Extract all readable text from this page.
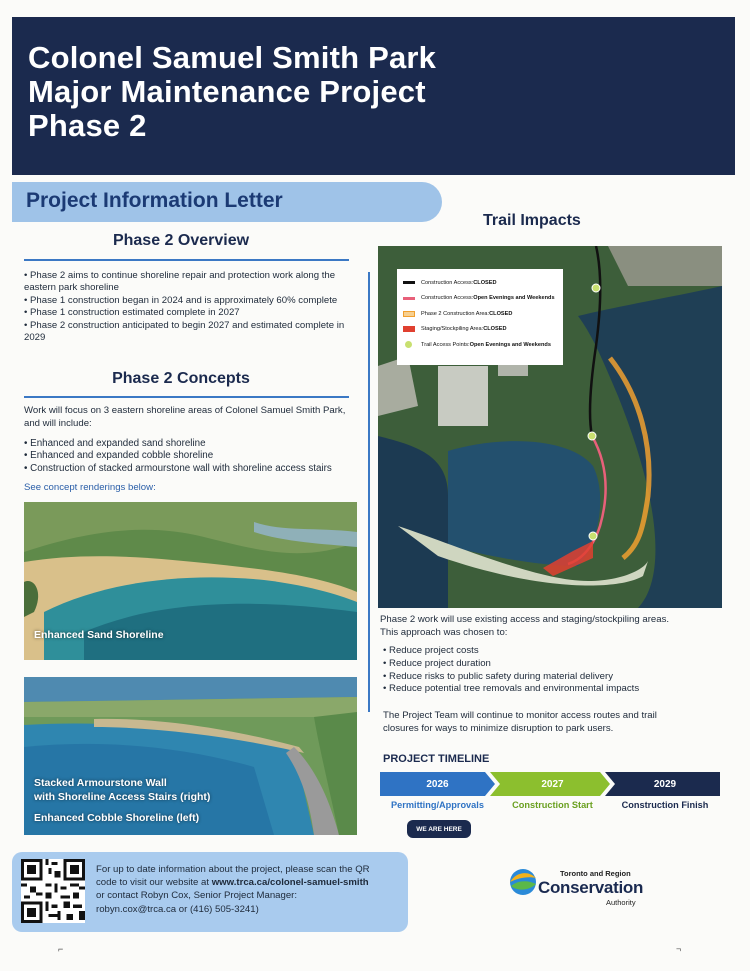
Colonel Samuel Smith Park
Major Maintenance Project
Phase 2
Project Information Letter
Trail Impacts
Phase 2 Overview
• Phase 2 aims to continue shoreline repair and protection work along the eastern park shoreline
• Phase 1 construction began in 2024 and is approximately 60% complete
• Phase 1 construction estimated complete in 2027
• Phase 2 construction anticipated to begin 2027 and estimated complete in 2029
Phase 2 Concepts
Work will focus on 3 eastern shoreline areas of Colonel Samuel Smith Park, and will include:
• Enhanced and expanded sand shoreline
• Enhanced and expanded cobble shoreline
• Construction of stacked armourstone wall with shoreline access stairs
See concept renderings below:
Enhanced Sand Shoreline
Stacked Armourstone Wall
with Shoreline Access Stairs (right)
Enhanced Cobble Shoreline (left)
Construction Access: CLOSED
Construction Access: Open Evenings and Weekends
Phase 2 Construction Area: CLOSED
Staging/Stockpiling Area: CLOSED
Trail Access Points: Open Evenings and Weekends
Phase 2 work will use existing access and staging/stockpiling areas.
This approach was chosen to:
• Reduce project costs
• Reduce project duration
• Reduce risks to public safety during material delivery
• Reduce potential tree removals and environmental impacts
The Project Team will continue to monitor access routes and trail
closures for ways to minimize disruption to park users.
PROJECT TIMELINE
2026	2027	2029
Permitting/Approvals	Construction Start	Construction Finish
WE ARE HERE
For up to date information about the project, please scan the QR
code to visit our website at www.trca.ca/colonel-samuel-smith
or contact Robyn Cox, Senior Project Manager:
robyn.cox@trca.ca or (416) 505-3241)
Toronto and Region
Conservation
Authority
⌐	¬
